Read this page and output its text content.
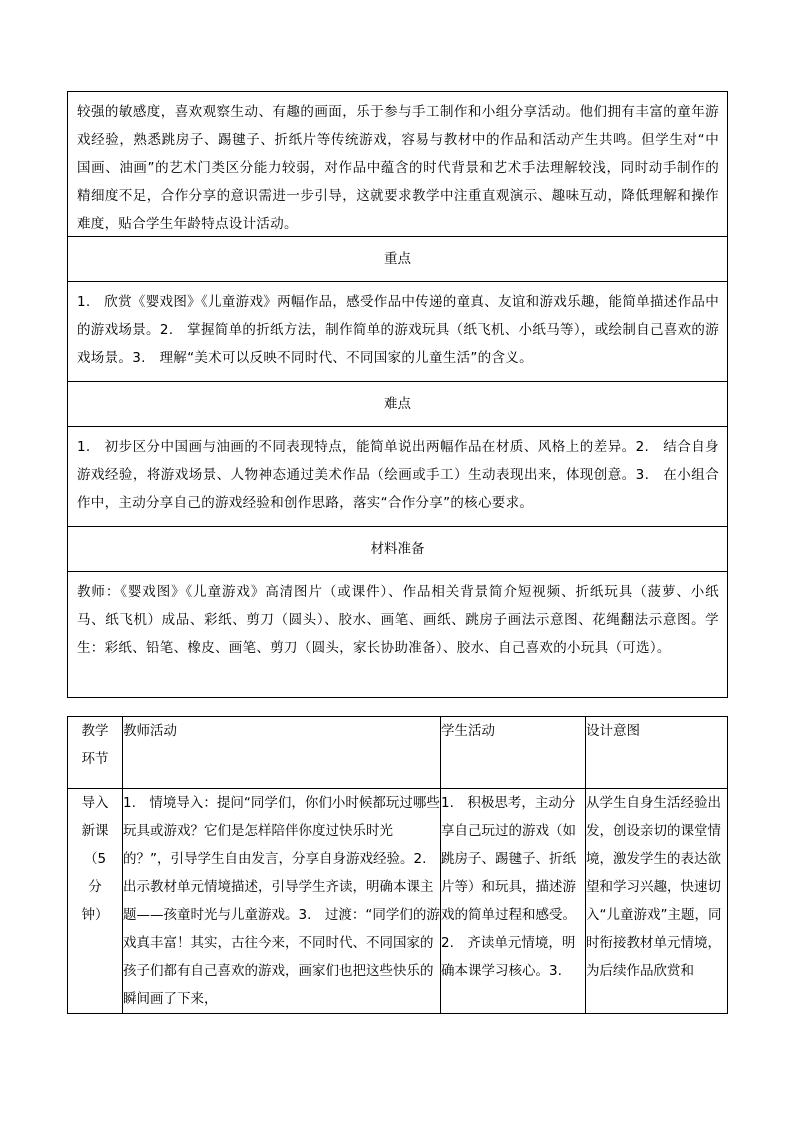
较强的敏感度，喜欢观察生动、有趣的画面，乐于参与手工制作和小组分享活动。他们拥有丰富的童年游戏经验，熟悉跳房子、踢毽子、折纸片等传统游戏，容易与教材中的作品和活动产生共鸣。但学生对“中国画、油画”的艺术门类区分能力较弱，对作品中蕴含的时代背景和艺术手法理解较浅，同时动手制作的精细度不足，合作分享的意识需进一步引导，这就要求教学中注重直观演示、趣味互动，降低理解和操作难度，贴合学生年龄特点设计活动。

重点

1.　欣赏《婴戏图》《儿童游戏》两幅作品，感受作品中传递的童真、友谊和游戏乐趣，能简单描述作品中的游戏场景。2.　掌握简单的折纸方法，制作简单的游戏玩具（纸飞机、小纸马等），或绘制自己喜欢的游戏场景。3.　理解“美术可以反映不同时代、不同国家的儿童生活”的含义。

难点

1.　初步区分中国画与油画的不同表现特点，能简单说出两幅作品在材质、风格上的差异。2.　结合自身游戏经验，将游戏场景、人物神态通过美术作品（绘画或手工）生动表现出来，体现创意。3.　在小组合作中，主动分享自己的游戏经验和创作思路，落实“合作分享”的核心要求。

材料准备

教师：《婴戏图》《儿童游戏》高清图片（或课件）、作品相关背景简介短视频、折纸玩具（菠萝、小纸马、纸飞机）成品、彩纸、剪刀（圆头）、胶水、画笔、画纸、跳房子画法示意图、花绳翻法示意图。学生：彩纸、铅笔、橡皮、画笔、剪刀（圆头，家长协助准备）、胶水、自己喜欢的小玩具（可选）。
教学环节	教师活动	学生活动	设计意图

导入新课（5分钟）	1.　情境导入：提问“同学们，你们小时候都玩过哪些玩具或游戏？它们是怎样陪伴你度过快乐时光的？”，引导学生自由发言，分享自身游戏经验。2.　出示教材单元情境描述，引导学生齐读，明确本课主题——孩童时光与儿童游戏。3.　过渡：“同学们的游戏真丰富！其实，古往今来，不同时代、不同国家的孩子们都有自己喜欢的游戏，画家们也把这些快乐的瞬间画了下来，	1.　积极思考，主动分享自己玩过的游戏（如跳房子、踢毽子、折纸片等）和玩具，描述游戏的简单过程和感受。2.　齐读单元情境，明确本课学习核心。3.	从学生自身生活经验出发，创设亲切的课堂情境，激发学生的表达欲望和学习兴趣，快速切入“儿童游戏”主题，同时衔接教材单元情境，为后续作品欣赏和
